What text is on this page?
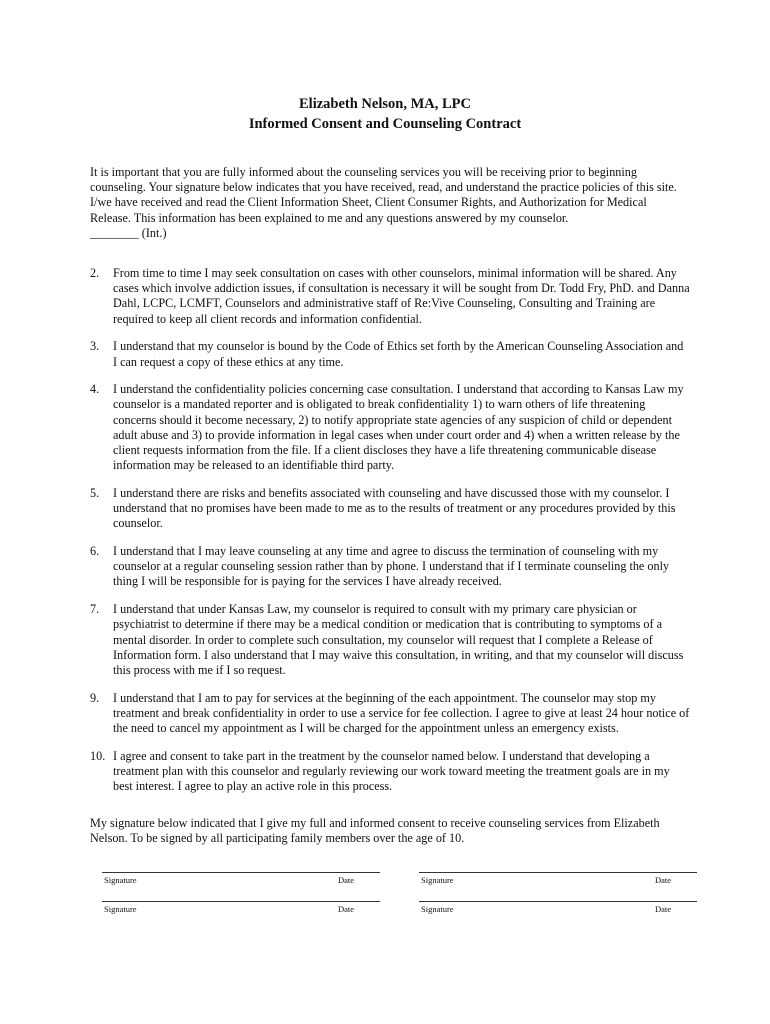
Elizabeth Nelson, MA, LPC
Informed Consent and Counseling Contract

It is important that you are fully informed about the counseling services you will be receiving prior to beginning counseling. Your signature below indicates that you have received, read, and understand the practice policies of this site. I/we have received and read the Client Information Sheet, Client Consumer Rights, and Authorization for Medical Release. This information has been explained to me and any questions answered by my counselor.

________ (Int.)

2.	From time to time I may seek consultation on cases with other counselors, minimal information will be shared. Any cases which involve addiction issues, if consultation is necessary it will be sought from Dr. Todd Fry, PhD. and Danna Dahl, LCPC, LCMFT, Counselors and administrative staff of Re:Vive Counseling, Consulting and Training are required to keep all client records and information confidential.
3.	I understand that my counselor is bound by the Code of Ethics set forth by the American Counseling Association and I can request a copy of these ethics at any time.
4.	I understand the confidentiality policies concerning case consultation. I understand that according to Kansas Law my counselor is a mandated reporter and is obligated to break confidentiality 1) to warn others of life threatening concerns should it become necessary, 2) to notify appropriate state agencies of any suspicion of child or dependent adult abuse and 3) to provide information in legal cases when under court order and 4) when a written release by the client requests information from the file. If a client discloses they have a life threatening communicable disease information may be released to an identifiable third party.
5.	I understand there are risks and benefits associated with counseling and have discussed those with my counselor. I understand that no promises have been made to me as to the results of treatment or any procedures provided by this counselor.
6.	I understand that I may leave counseling at any time and agree to discuss the termination of counseling with my counselor at a regular counseling session rather than by phone. I understand that if I terminate counseling the only thing I will be responsible for is paying for the services I have already received.
7.	I understand that under Kansas Law, my counselor is required to consult with my primary care physician or psychiatrist to determine if there may be a medical condition or medication that is contributing to symptoms of a mental disorder. In order to complete such consultation, my counselor will request that I complete a Release of Information form. I also understand that I may waive this consultation, in writing, and that my counselor will discuss this process with me if I so request.
9.	I understand that I am to pay for services at the beginning of the each appointment. The counselor may stop my treatment and break confidentiality in order to use a service for fee collection. I agree to give at least 24 hour notice of the need to cancel my appointment as I will be charged for the appointment unless an emergency exists.
10. I agree and consent to take part in the treatment by the counselor named below. I understand that developing a treatment plan with this counselor and regularly reviewing our work toward meeting the treatment goals are in my best interest. I agree to play an active role in this process.
My signature below indicated that I give my full and informed consent to receive counseling services from Elizabeth Nelson. To be signed by all participating family members over the age of 10.
Signature	Date	Signature	Date
Signature	Date	Signature	Date
